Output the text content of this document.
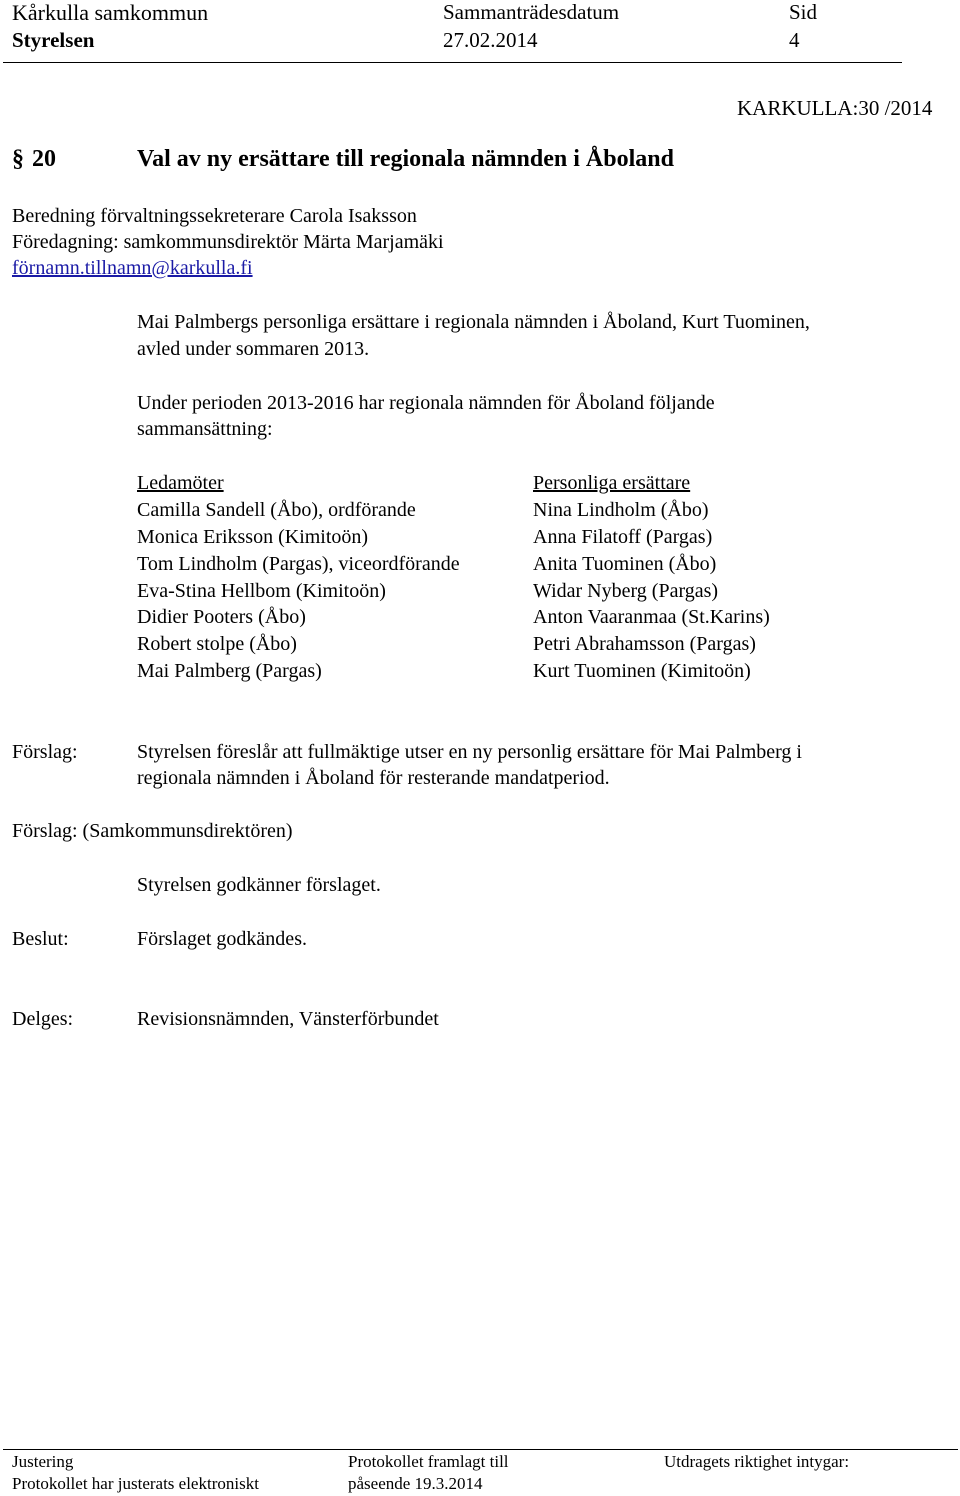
Kårkulla samkommun
Styrelsen
Sammanträdesdatum
27.02.2014
Sid
4
KARKULLA:30 /2014
§ 20	Val av ny ersättare till regionala nämnden i Åboland
Beredning förvaltningssekreterare Carola Isaksson
Föredagning: samkommunsdirektör Märta Marjamäki
förnamn.tillnamn@karkulla.fi
Mai Palmbergs personliga ersättare i regionala nämnden i Åboland, Kurt Tuominen,
avled under sommaren 2013.
Under perioden 2013-2016 har regionala nämnden för Åboland följande
sammansättning:
Ledamöter	Personliga ersättare
Camilla Sandell (Åbo), ordförande	Nina Lindholm (Åbo)
Monica Eriksson (Kimitoön)	Anna Filatoff (Pargas)
Tom Lindholm (Pargas), viceordförande	Anita Tuominen (Åbo)
Eva-Stina Hellbom (Kimitoön)	Widar Nyberg (Pargas)
Didier Pooters (Åbo)	Anton Vaaranmaa (St.Karins)
Robert stolpe (Åbo)	Petri Abrahamsson (Pargas)
Mai Palmberg (Pargas)	Kurt Tuominen (Kimitoön)
Förslag:	Styrelsen föreslår att fullmäktige utser en ny personlig ersättare för Mai Palmberg i
regionala nämnden i Åboland för resterande mandatperiod.
Förslag: (Samkommunsdirektören)
Styrelsen godkänner förslaget.
Beslut:	Förslaget godkändes.
Delges:	Revisionsnämnden, Vänsterförbundet
Justering
Protokollet har justerats elektroniskt
Protokollet framlagt till
påseende 19.3.2014
Utdragets riktighet intygar:
